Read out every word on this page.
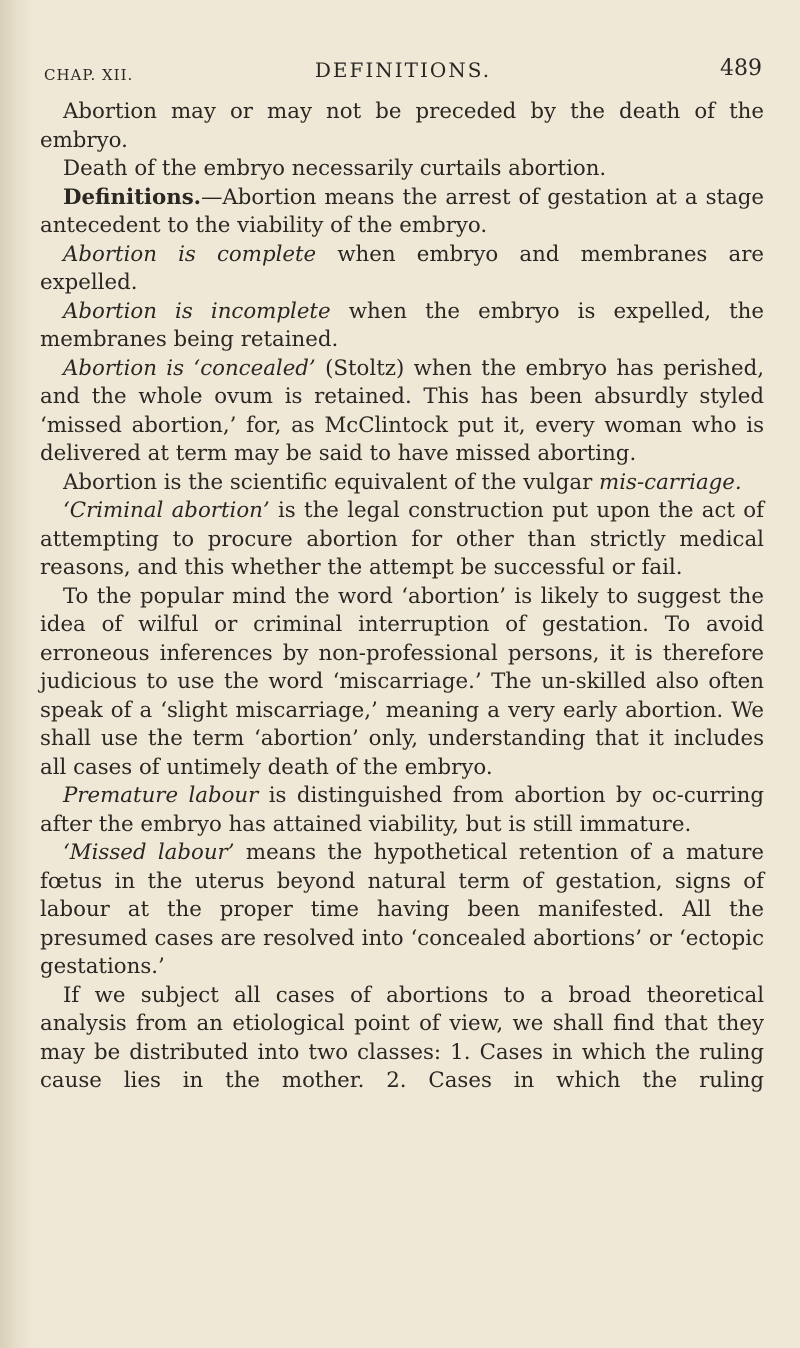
CHAP. XII.	DEFINITIONS.	489

Abortion may or may not be preceded by the death of the embryo.

Death of the embryo necessarily curtails abortion.

Definitions.—Abortion means the arrest of gestation at a stage antecedent to the viability of the embryo.

Abortion is complete when embryo and membranes are expelled.

Abortion is incomplete when the embryo is expelled, the membranes being retained.

Abortion is ‘concealed’ (Stoltz) when the embryo has perished, and the whole ovum is retained. This has been absurdly styled ‘missed abortion,’ for, as McClintock put it, every woman who is delivered at term may be said to have missed aborting.

Abortion is the scientific equivalent of the vulgar mis-carriage.

‘Criminal abortion’ is the legal construction put upon the act of attempting to procure abortion for other than strictly medical reasons, and this whether the attempt be successful or fail.

To the popular mind the word ‘abortion’ is likely to suggest the idea of wilful or criminal interruption of gestation. To avoid erroneous inferences by non-professional persons, it is therefore judicious to use the word ‘miscarriage.’ The un-skilled also often speak of a ‘slight miscarriage,’ meaning a very early abortion. We shall use the term ‘abortion’ only, understanding that it includes all cases of untimely death of the embryo.

Premature labour is distinguished from abortion by oc-curring after the embryo has attained viability, but is still immature.

‘Missed labour’ means the hypothetical retention of a mature fœtus in the uterus beyond natural term of gestation, signs of labour at the proper time having been manifested. All the presumed cases are resolved into ‘concealed abortions’ or ‘ectopic gestations.’

If we subject all cases of abortions to a broad theoretical analysis from an etiological point of view, we shall find that they may be distributed into two classes: 1. Cases in which the ruling cause lies in the mother. 2. Cases in which the ruling
